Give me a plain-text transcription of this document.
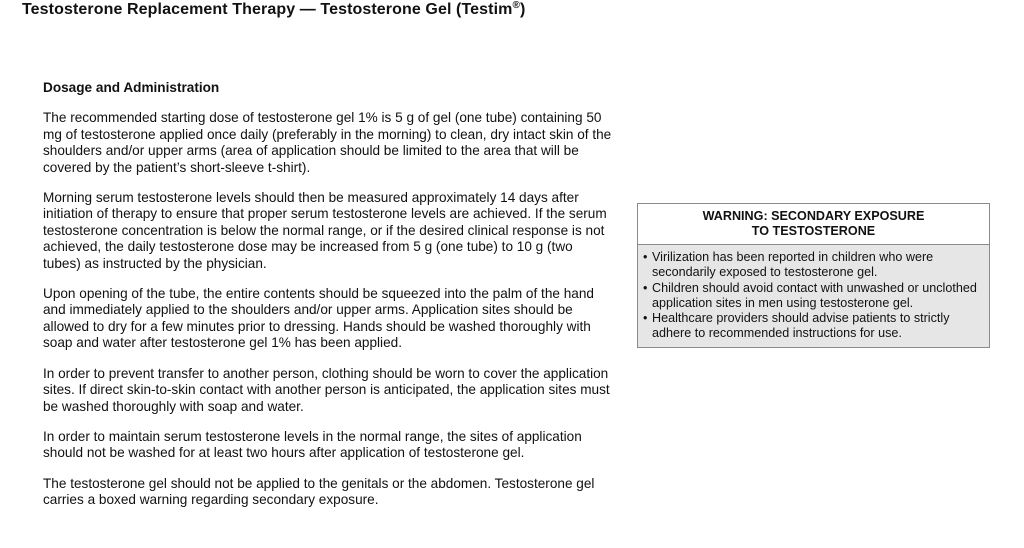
Testosterone Replacement Therapy — Testosterone Gel (Testim®)
Dosage and Administration

The recommended starting dose of testosterone gel 1% is 5 g of gel (one tube) containing 50 mg of testosterone applied once daily (preferably in the morning) to clean, dry intact skin of the shoulders and/or upper arms (area of application should be limited to the area that will be covered by the patient’s short-sleeve t-shirt).

Morning serum testosterone levels should then be measured approximately 14 days after initiation of therapy to ensure that proper serum testosterone levels are achieved. If the serum testosterone concentration is below the normal range, or if the desired clinical response is not achieved, the daily testosterone dose may be increased from 5 g (one tube) to 10 g (two tubes) as instructed by the physician.

Upon opening of the tube, the entire contents should be squeezed into the palm of the hand and immediately applied to the shoulders and/or upper arms. Application sites should be allowed to dry for a few minutes prior to dressing. Hands should be washed thoroughly with soap and water after testosterone gel 1% has been applied.

In order to prevent transfer to another person, clothing should be worn to cover the application sites. If direct skin-to-skin contact with another person is anticipated, the application sites must be washed thoroughly with soap and water.

In order to maintain serum testosterone levels in the normal range, the sites of application should not be washed for at least two hours after application of testosterone gel.

The testosterone gel should not be applied to the genitals or the abdomen. Testosterone gel carries a boxed warning regarding secondary exposure.

WARNING: SECONDARY EXPOSURE
TO TESTOSTERONE
• Virilization has been reported in children who were secondarily exposed to testosterone gel.
• Children should avoid contact with unwashed or unclothed application sites in men using testosterone gel.
• Healthcare providers should advise patients to strictly adhere to recommended instructions for use.
